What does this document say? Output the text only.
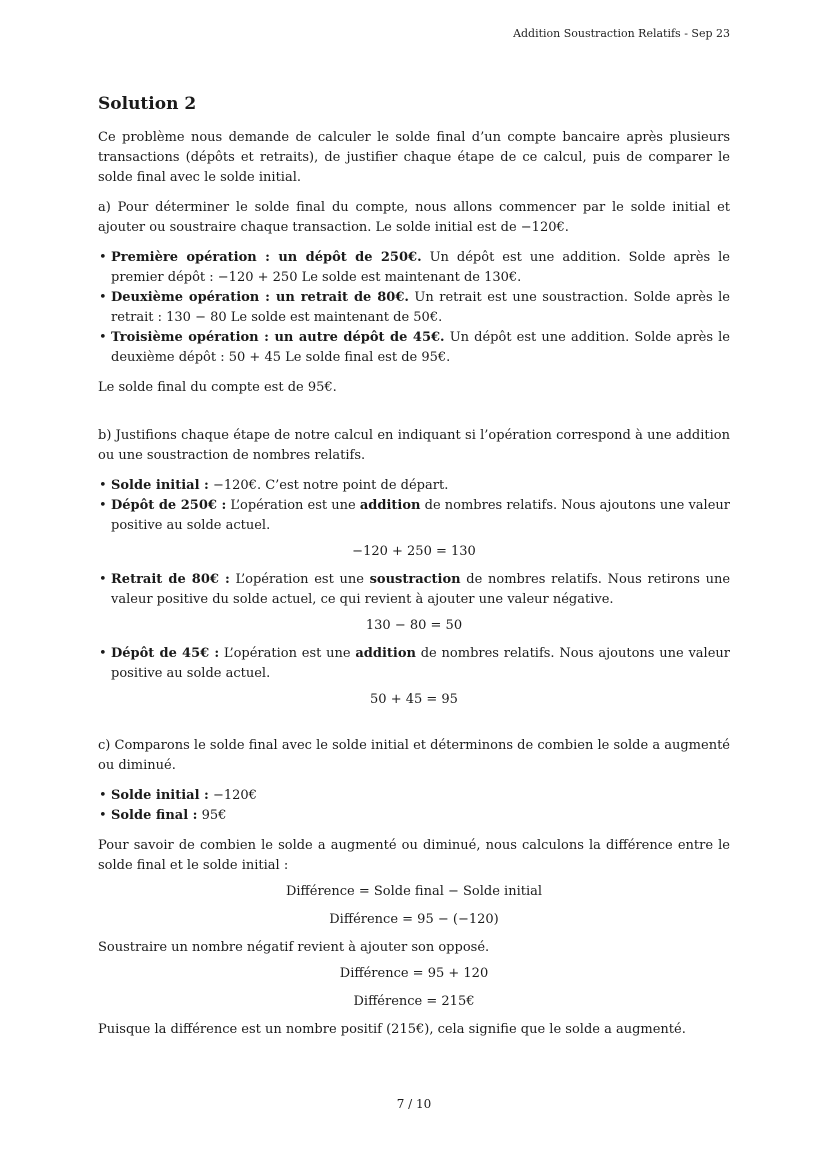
Addition Soustraction Relatifs - Sep 23
Solution 2

Ce problème nous demande de calculer le solde final d’un compte bancaire après plusieurs transactions (dépôts et retraits), de justifier chaque étape de ce calcul, puis de comparer le solde final avec le solde initial.

a) Pour déterminer le solde final du compte, nous allons commencer par le solde initial et ajouter ou soustraire chaque transaction. Le solde initial est de −120€.

• Première opération : un dépôt de 250€. Un dépôt est une addition. Solde après le premier dépôt : −120 + 250 Le solde est maintenant de 130€.
• Deuxième opération : un retrait de 80€. Un retrait est une soustraction. Solde après le retrait : 130 − 80 Le solde est maintenant de 50€.
• Troisième opération : un autre dépôt de 45€. Un dépôt est une addition. Solde après le deuxième dépôt : 50 + 45 Le solde final est de 95€.

Le solde final du compte est de 95€.

b) Justifions chaque étape de notre calcul en indiquant si l’opération correspond à une addition ou une soustraction de nombres relatifs.

• Solde initial : −120€. C’est notre point de départ.
• Dépôt de 250€ : L’opération est une addition de nombres relatifs. Nous ajoutons une valeur positive au solde actuel.
−120 + 250 = 130
• Retrait de 80€ : L’opération est une soustraction de nombres relatifs. Nous retirons une valeur positive du solde actuel, ce qui revient à ajouter une valeur négative.
130 − 80 = 50
• Dépôt de 45€ : L’opération est une addition de nombres relatifs. Nous ajoutons une valeur positive au solde actuel.
50 + 45 = 95

c) Comparons le solde final avec le solde initial et déterminons de combien le solde a augmenté ou diminué.

• Solde initial : −120€
• Solde final : 95€

Pour savoir de combien le solde a augmenté ou diminué, nous calculons la différence entre le solde final et le solde initial :

Différence = Solde final − Solde initial
Différence = 95 − (−120)

Soustraire un nombre négatif revient à ajouter son opposé.

Différence = 95 + 120
Différence = 215€

Puisque la différence est un nombre positif (215€), cela signifie que le solde a augmenté.

7 / 10
